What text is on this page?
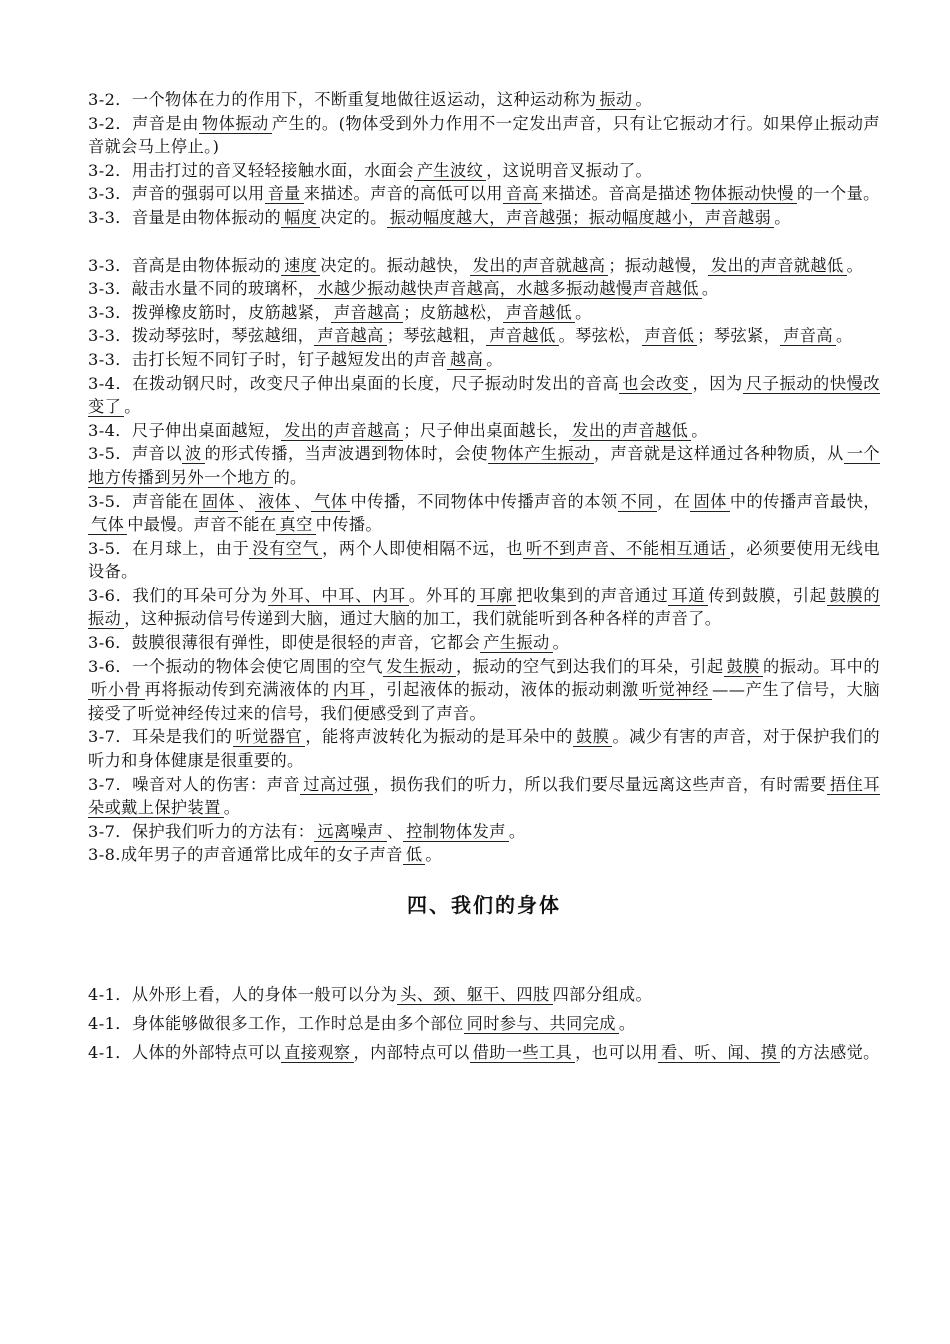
3-2．一个物体在力的作用下，不断重复地做往返运动，这种运动称为 振动 。

3-2．声音是由 物体振动 产生的。(物体受到外力作用不一定发出声音，只有让它振动才行。如果停止振动声音就会马上停止。)

3-2．用击打过的音叉轻轻接触水面，水面会 产生波纹 ，这说明音叉振动了。

3-3．声音的强弱可以用 音量 来描述。声音的高低可以用 音高 来描述。音高是描述 物体振动快慢 的一个量。

3-3．音量是由物体振动的 幅度 决定的。 振动幅度越大，声音越强；振动幅度越小，声音越弱 。

3-3．音高是由物体振动的 速度 决定的。振动越快， 发出的声音就越高 ；振动越慢， 发出的声音就越低 。

3-3．敲击水量不同的玻璃杯， 水越少振动越快声音越高，水越多振动越慢声音越低 。

3-3．拨弹橡皮筋时，皮筋越紧， 声音越高 ；皮筋越松， 声音越低 。

3-3．拨动琴弦时，琴弦越细， 声音越高 ；琴弦越粗， 声音越低 。琴弦松， 声音低 ；琴弦紧， 声音高 。

3-3．击打长短不同钉子时，钉子越短发出的声音 越高 。

3-4．在拨动钢尺时，改变尺子伸出桌面的长度，尺子振动时发出的音高 也会改变 ，因为 尺子振动的快慢改变了 。

3-4．尺子伸出桌面越短， 发出的声音越高 ；尺子伸出桌面越长， 发出的声音越低 。

3-5．声音以 波 的形式传播，当声波遇到物体时，会使 物体产生振动 ，声音就是这样通过各种物质，从 一个地方传播到另外一个地方 的。

3-5．声音能在 固体 、 液体 、 气体 中传播，不同物体中传播声音的本领 不同 ，在 固体 中的传播声音最快，气体 中最慢。声音不能在 真空 中传播。

3-5．在月球上，由于 没有空气 ，两个人即使相隔不远，也 听不到声音、不能相互通话 ，必须要使用无线电设备。

3-6．我们的耳朵可分为 外耳、中耳、内耳 。外耳的 耳廓 把收集到的声音通过 耳道 传到鼓膜，引起 鼓膜的振动 ，这种振动信号传递到大脑，通过大脑的加工，我们就能听到各种各样的声音了。

3-6．鼓膜很薄很有弹性，即使是很轻的声音，它都会 产生振动 。

3-6．一个振动的物体会使它周围的空气 发生振动 ，振动的空气到达我们的耳朵，引起 鼓膜 的振动。耳中的听小骨 再将振动传到充满液体的 内耳 ，引起液体的振动，液体的振动刺激 听觉神经 ——产生了信号，大脑接受了听觉神经传过来的信号，我们便感受到了声音。

3-7．耳朵是我们的 听觉器官 ，能将声波转化为振动的是耳朵中的 鼓膜 。减少有害的声音，对于保护我们的听力和身体健康是很重要的。

3-7．噪音对人的伤害：声音 过高过强 ，损伤我们的听力，所以我们要尽量远离这些声音，有时需要 捂住耳朵或戴上保护装置 。

3-7．保护我们听力的方法有： 远离噪声 、 控制物体发声 。

3-8.成年男子的声音通常比成年的女子声音 低 。

四、我们的身体

4-1．从外形上看，人的身体一般可以分为 头、颈、躯干、四肢 四部分组成。

4-1．身体能够做很多工作，工作时总是由多个部位 同时参与、共同完成 。

4-1．人体的外部特点可以 直接观察 ，内部特点可以 借助一些工具 ，也可以用 看、听、闻、摸 的方法感觉。
